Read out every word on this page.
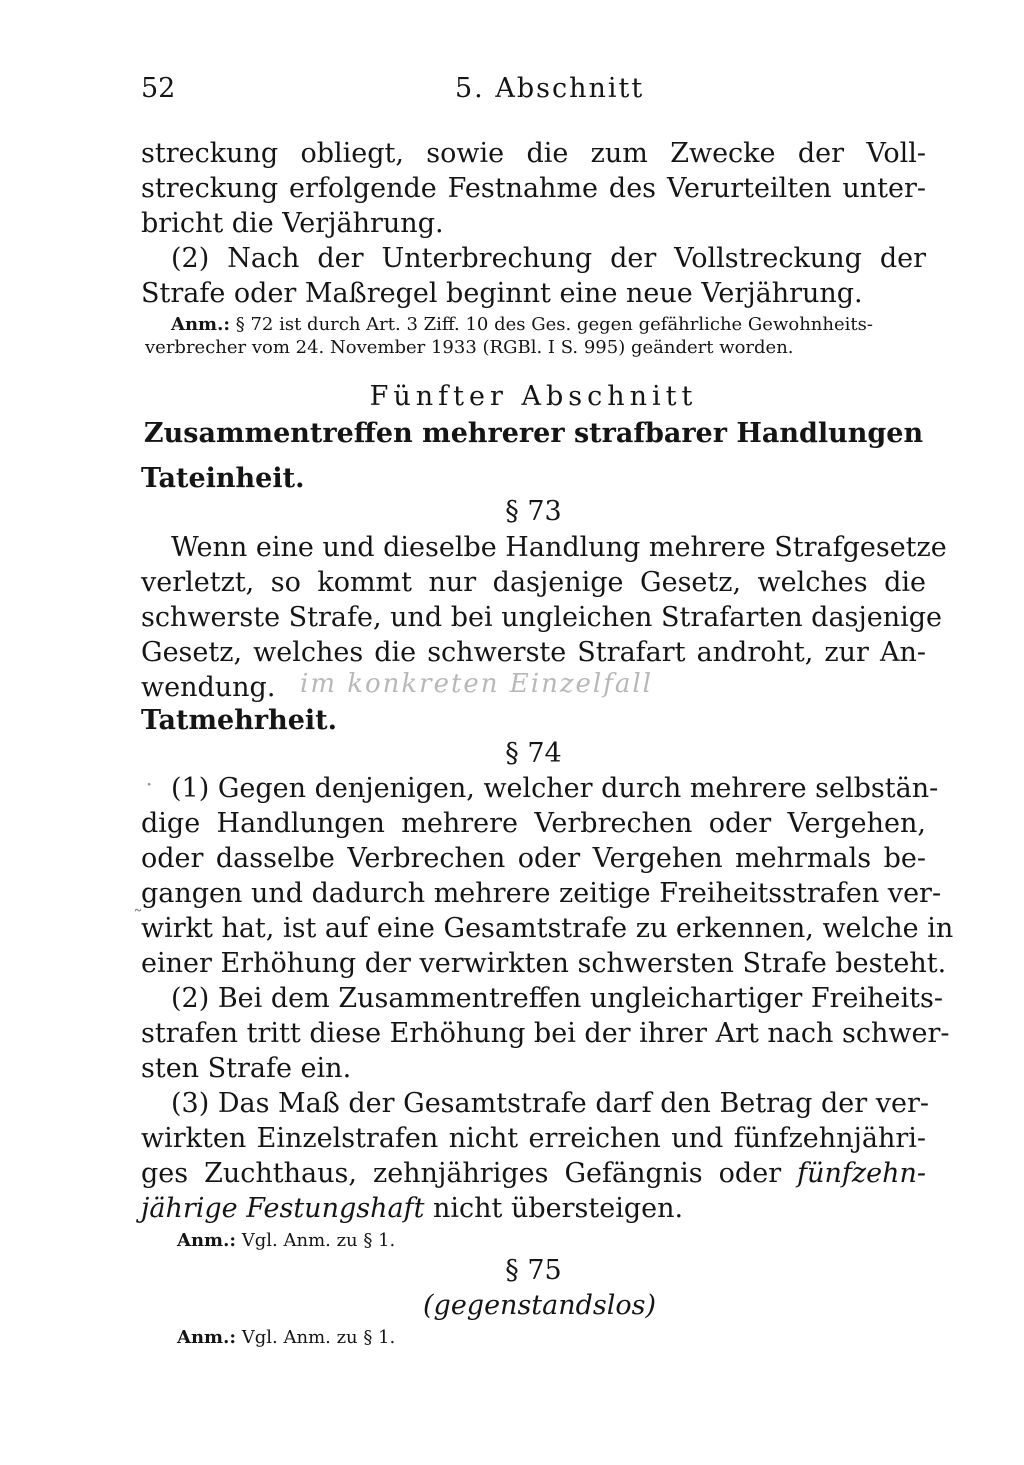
52	5. Abschnitt
streckung obliegt, sowie die zum Zwecke der Voll-
streckung erfolgende Festnahme des Verurteilten unter-
bricht die Verjährung.
(2) Nach der Unterbrechung der Vollstreckung der
Strafe oder Maßregel beginnt eine neue Verjährung.
Anm.: § 72 ist durch Art. 3 Ziff. 10 des Ges. gegen gefährliche Gewohnheits-
verbrecher vom 24. November 1933 (RGBl. I S. 995) geändert worden.
Fünfter Abschnitt
Zusammentreffen mehrerer strafbarer Handlungen
Tateinheit.
§ 73
Wenn eine und dieselbe Handlung mehrere Strafgesetze
verletzt, so kommt nur dasjenige Gesetz, welches die
schwerste Strafe, und bei ungleichen Strafarten dasjenige
Gesetz, welches die schwerste Strafart androht, zur An-
wendung. im konkreten Einzelfall
Tatmehrheit.
§ 74
· (1) Gegen denjenigen, welcher durch mehrere selbstän-
dige Handlungen mehrere Verbrechen oder Vergehen,
oder dasselbe Verbrechen oder Vergehen mehrmals be-
gangen und dadurch mehrere zeitige Freiheitsstrafen ver-
˜
wirkt hat, ist auf eine Gesamtstrafe zu erkennen, welche in
einer Erhöhung der verwirkten schwersten Strafe besteht.
(2) Bei dem Zusammentreffen ungleichartiger Freiheits-
strafen tritt diese Erhöhung bei der ihrer Art nach schwer-
sten Strafe ein.
(3) Das Maß der Gesamtstrafe darf den Betrag der ver-
wirkten Einzelstrafen nicht erreichen und fünfzehnjähri-
ges Zuchthaus, zehnjähriges Gefängnis oder fünfzehn-
jährige Festungshaft nicht übersteigen.
Anm.: Vgl. Anm. zu § 1.
§ 75
(gegenstandslos)
Anm.: Vgl. Anm. zu § 1.
